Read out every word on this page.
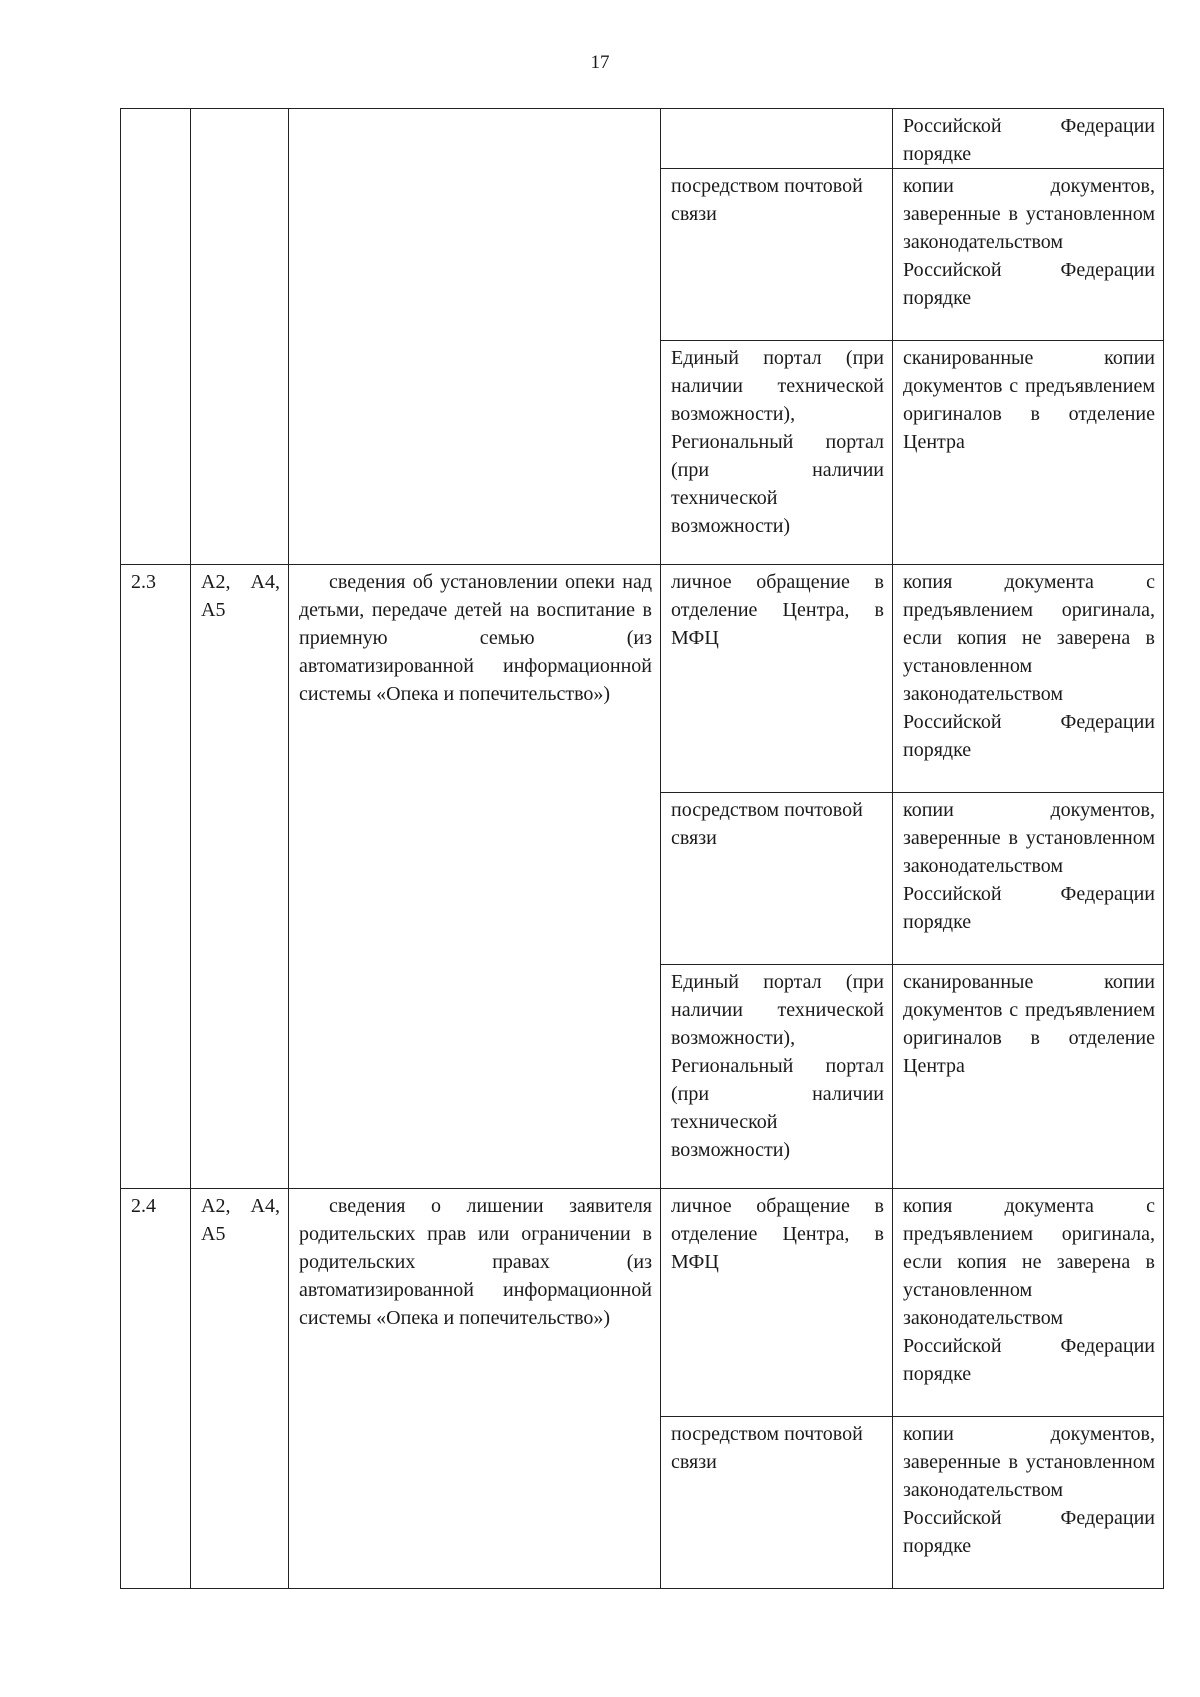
17
				Российской Федерации порядке
			посредством почтовой связи	копии документов, заверенные в установленном законодательством Российской Федерации порядке
			Единый портал (при наличии технической возможности), Региональный портал (при наличии технической возможности)	сканированные копии документов с предъявлением оригиналов в отделение Центра
2.3	А2, А4, А5	сведения об установлении опеки над детьми, передаче детей на воспитание в приемную семью (из автоматизированной информационной системы «Опека и попечительство»)	личное обращение в отделение Центра, в МФЦ	копия документа с предъявлением оригинала, если копия не заверена в установленном законодательством Российской Федерации порядке
			посредством почтовой связи	копии документов, заверенные в установленном законодательством Российской Федерации порядке
			Единый портал (при наличии технической возможности), Региональный портал (при наличии технической возможности)	сканированные копии документов с предъявлением оригиналов в отделение Центра
2.4	А2, А4, А5	сведения о лишении заявителя родительских прав или ограничении в родительских правах (из автоматизированной информационной системы «Опека и попечительство»)	личное обращение в отделение Центра, в МФЦ	копия документа с предъявлением оригинала, если копия не заверена в установленном законодательством Российской Федерации порядке
			посредством почтовой связи	копии документов, заверенные в установленном законодательством Российской Федерации порядке
